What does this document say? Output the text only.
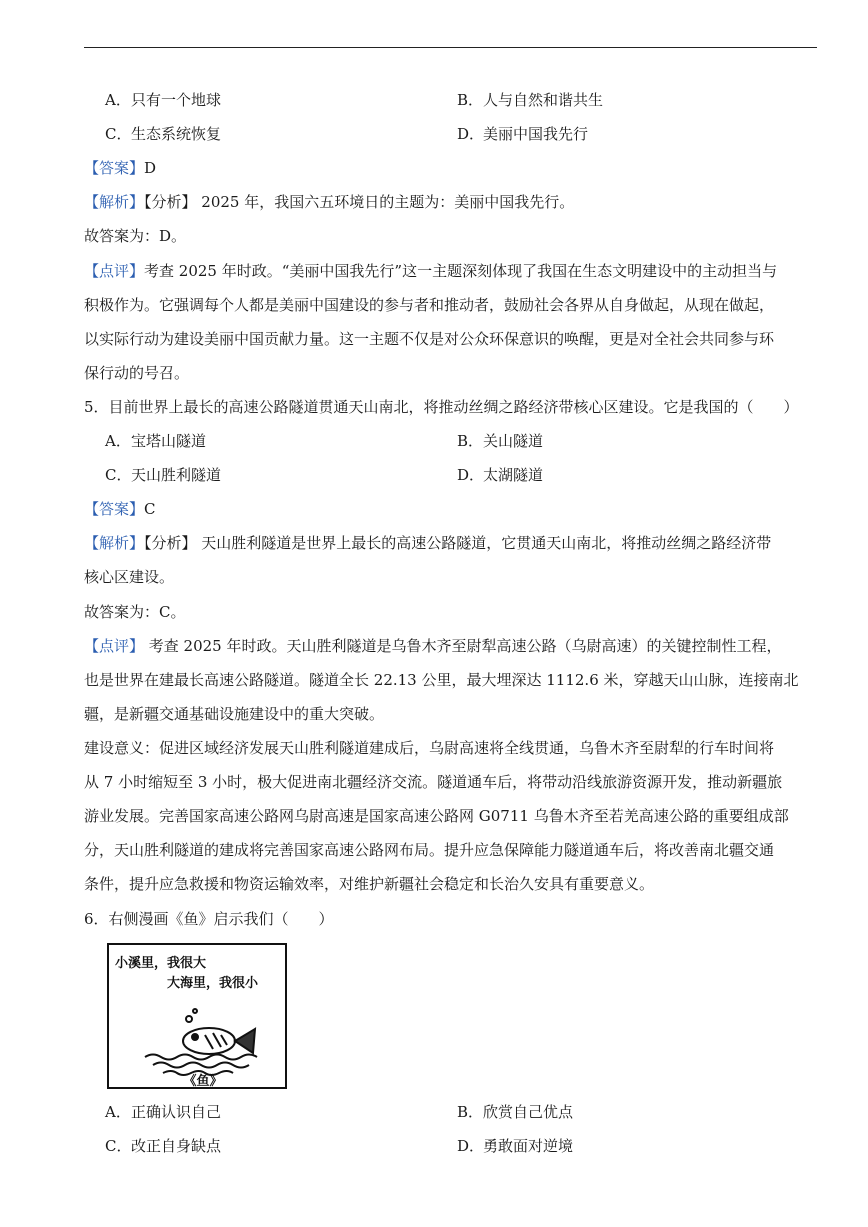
A．只有一个地球	B．人与自然和谐共生
C．生态系统恢复	D．美丽中国我先行
【答案】D
【解析】【分析】 2025 年，我国六五环境日的主题为：美丽中国我先行。
故答案为：D。
【点评】考查 2025 年时政。“美丽中国我先行”这一主题深刻体现了我国在生态文明建设中的主动担当与
积极作为。它强调每个人都是美丽中国建设的参与者和推动者，鼓励社会各界从自身做起，从现在做起，
以实际行动为建设美丽中国贡献力量。这一主题不仅是对公众环保意识的唤醒，更是对全社会共同参与环
保行动的号召。
5．目前世界上最长的高速公路隧道贯通天山南北，将推动丝绸之路经济带核心区建设。它是我国的（　　）
A．宝塔山隧道	B．关山隧道
C．天山胜利隧道	D．太湖隧道
【答案】C
【解析】【分析】 天山胜利隧道是世界上最长的高速公路隧道，它贯通天山南北，将推动丝绸之路经济带
核心区建设。
故答案为：C。
【点评】 考查 2025 年时政。天山胜利隧道是乌鲁木齐至尉犁高速公路（乌尉高速）的关键控制性工程，
也是世界在建最长高速公路隧道。隧道全长 22.13 公里，最大埋深达 1112.6 米，穿越天山山脉，连接南北
疆，是新疆交通基础设施建设中的重大突破。
建设意义：促进区域经济发展天山胜利隧道建成后，乌尉高速将全线贯通，乌鲁木齐至尉犁的行车时间将
从 7 小时缩短至 3 小时，极大促进南北疆经济交流。隧道通车后，将带动沿线旅游资源开发，推动新疆旅
游业发展。完善国家高速公路网乌尉高速是国家高速公路网 G0711 乌鲁木齐至若羌高速公路的重要组成部
分，天山胜利隧道的建成将完善国家高速公路网布局。提升应急保障能力隧道通车后，将改善南北疆交通
条件，提升应急救援和物资运输效率，对维护新疆社会稳定和长治久安具有重要意义。
6．右侧漫画《鱼》启示我们（　　）
小溪里，我很大
大海里，我很小
《鱼》
A．正确认识自己	B．欣赏自己优点
C．改正自身缺点	D．勇敢面对逆境
